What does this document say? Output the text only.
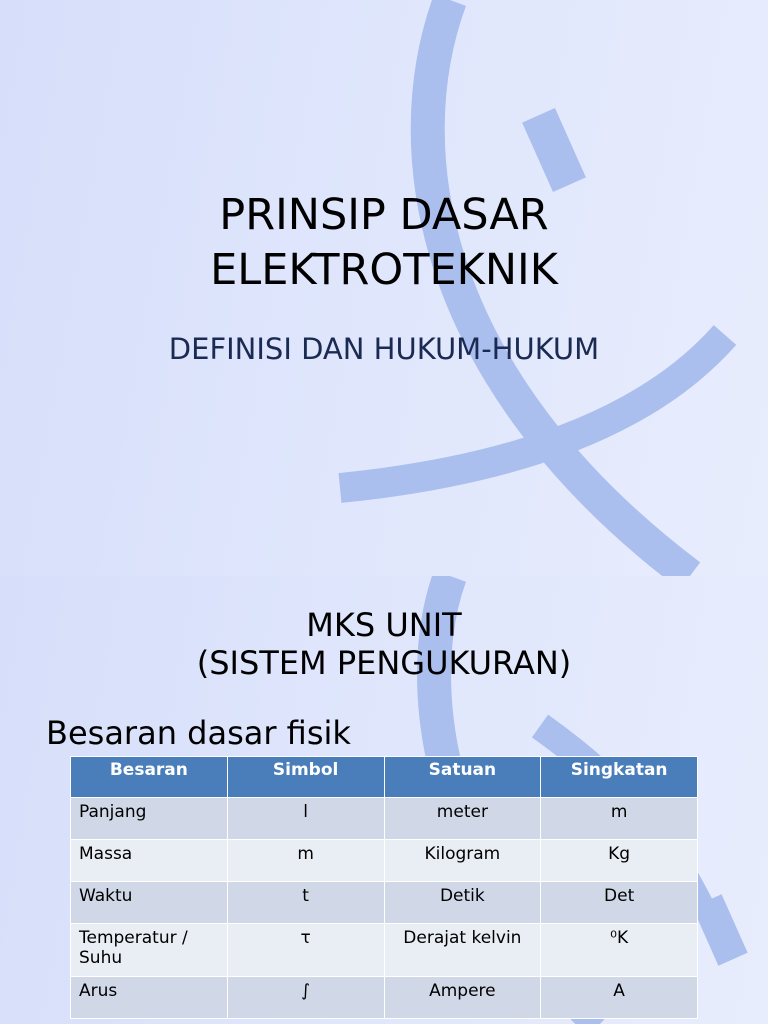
PRINSIP DASAR
ELEKTROTEKNIK
DEFINISI DAN HUKUM-HUKUM
MKS UNIT
(SISTEM PENGUKURAN)
Besaran dasar fisik
Besaran	Simbol	Satuan	Singkatan
Panjang	l	meter	m
Massa	m	Kilogram	Kg
Waktu	t	Detik	Det
Temperatur / Suhu	τ	Derajat kelvin	⁰K
Arus	∫	Ampere	A
